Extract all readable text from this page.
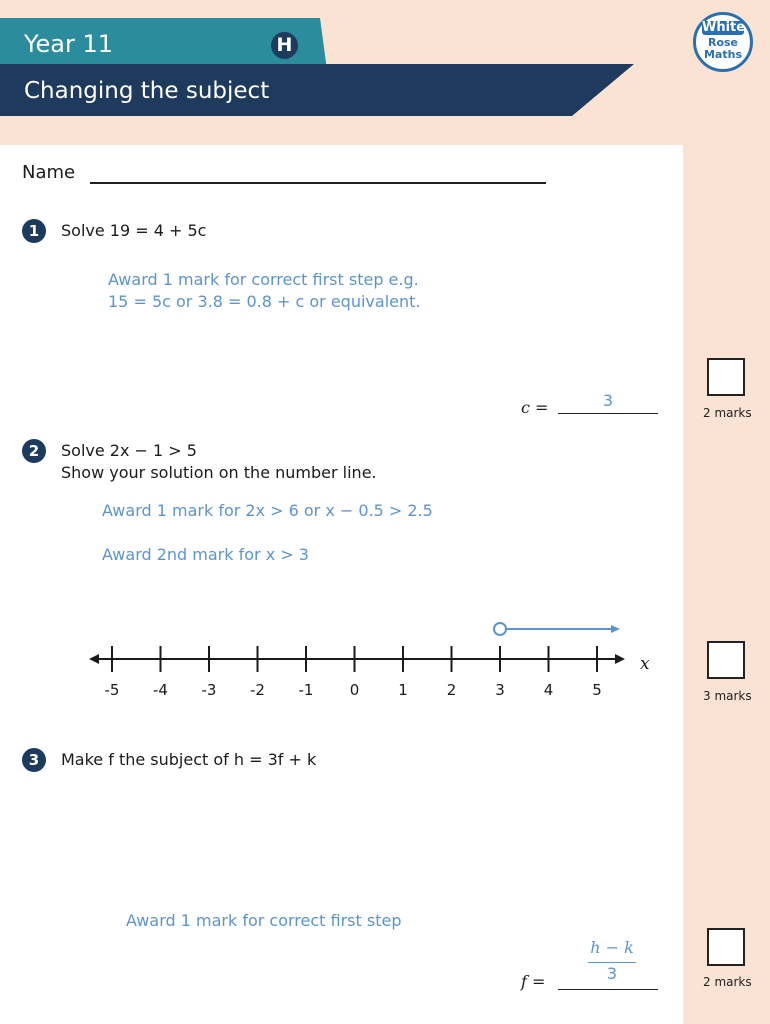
Year 11	H
Changing the subject
White
Rose
Maths
Name
1	Solve 19 = 4 + 5c
Award 1 mark for correct first step e.g.
15 = 5c or 3.8 = 0.8 + c or equivalent.
c =	3
2 marks
2	Solve 2x − 1 > 5
Show your solution on the number line.
Award 1 mark for 2x > 6 or x − 0.5 > 2.5
Award 2nd mark for x > 3
-5 -4 -3 -2 -1 0	1	2	3	4	5
x
3 marks
3	Make f the subject of h = 3f + k
Award 1 mark for correct first step
h − k
3
f =	2 marks
